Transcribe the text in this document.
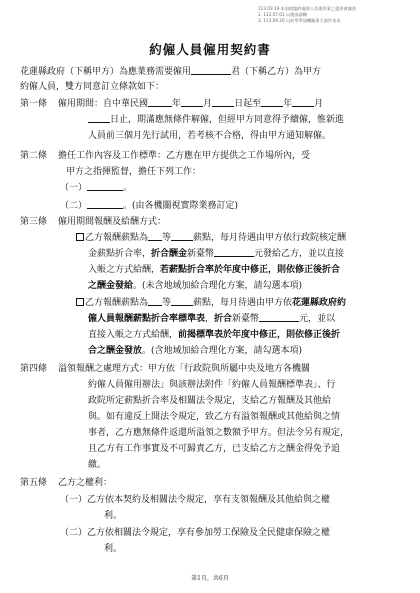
113.03.19 本府院臨時處理人員進用案之提供會議書
2. 113.07.01 以後函請轉
3. 113.09.20 以前學學屆機關事主請件金表
約僱人員僱用契約書
花蓮縣政府（下稱甲方）為應業務需要僱用	君（下稱乙方）為甲方
約僱人員，雙方同意訂立條款如下：
第一條 僱用期間：自中華民國	年 月 日起至 年 月
日止，期滿應無條件解僱，但經甲方同意得予續僱，惟新進
人員前三個月先行試用，若考核不合格，得由甲方通知解僱。
第二條 擔任工作內容及工作標準：乙方應在甲方提供之工作場所內，受
甲方之指揮監督，擔任下列工作：
（一）	。
（二）	。(由各機關視實際業務訂定)
第三條 僱用期間報酬及給酬方式：
乙方報酬薪點為 等 薪點，每月待遇由甲方依行政院核定酬
金薪點折合率，折合酬金新臺幣	元發給乙方，並以直接
入帳之方式給酬，若薪點折合率於年度中修正，則依修正後折合
之酬金發給。(未含地域加給合理化方案，請勾選本項)
乙方報酬薪點為 等 薪點，每月待遇由甲方依花蓮縣政府約
僱人員報酬薪點折合率標準表，折合新臺幣	元，並以
直接入帳之方式給酬，前揭標準表於年度中修正，則依修正後折
合之酬金發放。(含地域加給合理化方案，請勾選本項)
第四條 溢領報酬之處理方式：甲方依「行政院與所屬中央及地方各機關
約僱人員僱用辦法」與該辦法附件「約僱人員報酬標準表」、行
政院所定薪點折合率及相關法令規定，支給乙方報酬及其他給
與。如有違反上開法令規定，致乙方有溢領報酬或其他給與之情
事者，乙方應無條件返還所溢領之數額予甲方。但法令另有規定，
且乙方有工作事實及不可歸責乙方，已支給乙方之酬金得免予追
繳。
第五條 乙方之權利：
（一）乙方依本契約及相關法令規定，享有支領報酬及其他給與之權
利。
（二）乙方依相關法令規定，享有參加勞工保險及全民健康保險之權
利。
第1頁，共6頁
